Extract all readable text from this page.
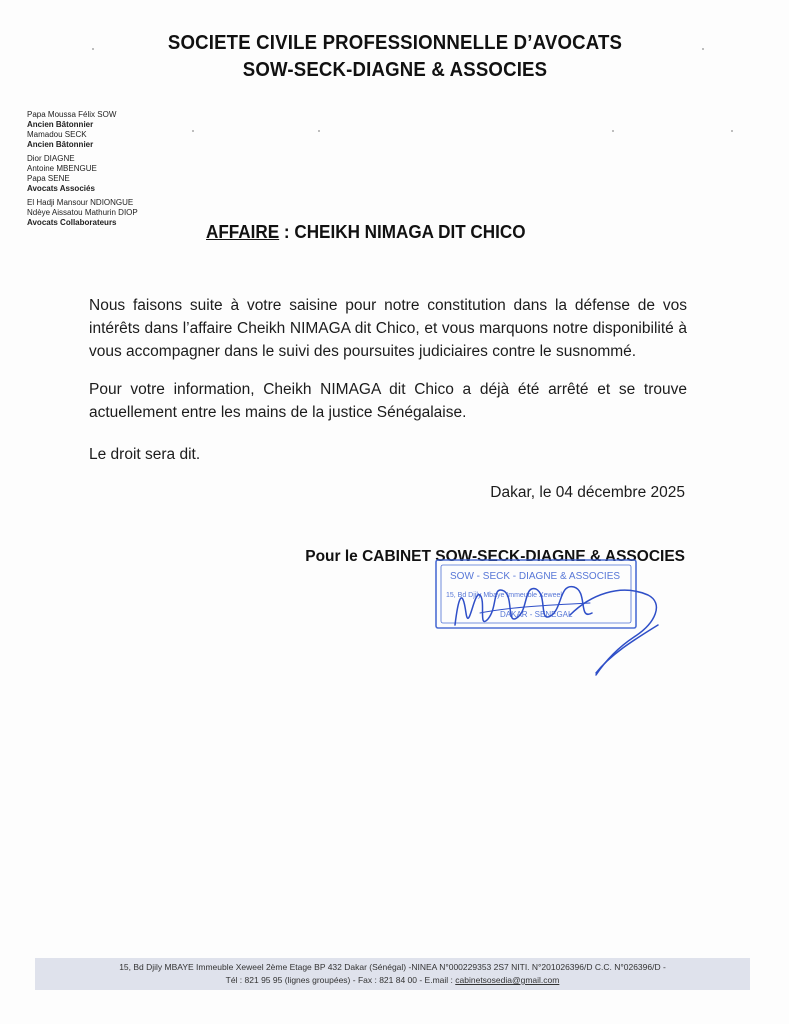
SOCIETE CIVILE PROFESSIONNELLE D’AVOCATS
SOW-SECK-DIAGNE & ASSOCIES
Papa Moussa Félix SOW
Ancien Bâtonnier
Mamadou SECK
Ancien Bâtonnier
Dior DIAGNE
Antoine MBENGUE
Papa SENE
Avocats Associés
El Hadji Mansour NDIONGUE
Ndèye Aissatou Mathurin DIOP
Avocats Collaborateurs	AFFAIRE : CHEIKH NIMAGA DIT CHICO
Nous faisons suite à votre saisine pour notre constitution dans la défense de vos intérêts dans l’affaire Cheikh NIMAGA dit Chico, et vous marquons notre disponibilité à vous accompagner dans le suivi des poursuites judiciaires contre le susnommé.
Pour votre information, Cheikh NIMAGA dit Chico a déjà été arrêté et se trouve actuellement entre les mains de la justice Sénégalaise.
Le droit sera dit.
Dakar, le 04 décembre 2025
Pour le CABINET SOW-SECK-DIAGNE & ASSOCIES
SOW - SECK - DIAGNE & ASSOCIES
15, Bd Djily Mbaye Immeuble Xeweel
DAKAR - SENEGAL
15, Bd Djily MBAYE Immeuble Xeweel 2ème Etage BP 432 Dakar (Sénégal) -NINEA N°000229353 2S7 NITI. N°201026396/D C.C. N°026396/D -
Tél : 821 95 95 (lignes groupées) - Fax : 821 84 00 - E.mail : cabinetsosedia@gmail.com
